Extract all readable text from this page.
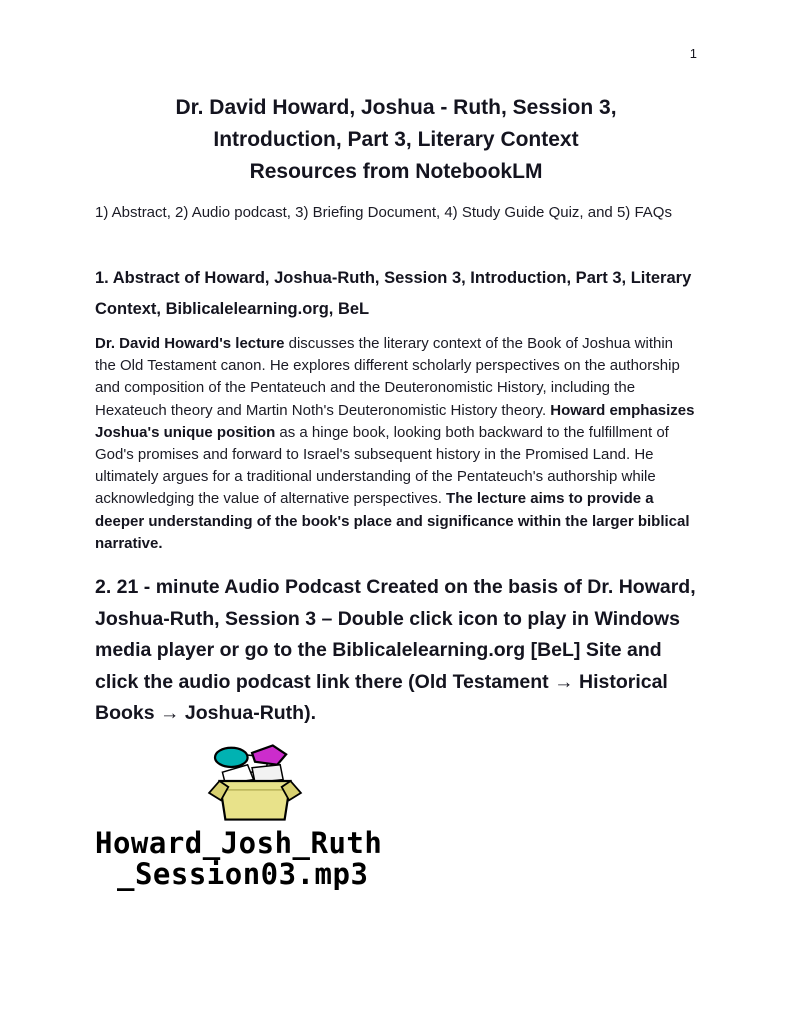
1
Dr. David Howard, Joshua - Ruth, Session 3,
Introduction, Part 3, Literary Context
Resources from NotebookLM

1) Abstract, 2) Audio podcast, 3) Briefing Document, 4) Study Guide Quiz, and 5) FAQs

1. Abstract of Howard, Joshua-Ruth, Session 3, Introduction, Part 3, Literary Context, Biblicalelearning.org, BeL

Dr. David Howard's lecture discusses the literary context of the Book of Joshua within the Old Testament canon. He explores different scholarly perspectives on the authorship and composition of the Pentateuch and the Deuteronomistic History, including the Hexateuch theory and Martin Noth's Deuteronomistic History theory. Howard emphasizes Joshua's unique position as a hinge book, looking both backward to the fulfillment of God's promises and forward to Israel's subsequent history in the Promised Land. He ultimately argues for a traditional understanding of the Pentateuch's authorship while acknowledging the value of alternative perspectives. The lecture aims to provide a deeper understanding of the book's place and significance within the larger biblical narrative.

2. 21 - minute Audio Podcast Created on the basis of Dr. Howard, Joshua-Ruth, Session 3 – Double click icon to play in Windows media player or go to the Biblicalelearning.org [BeL] Site and click the audio podcast link there (Old Testament → Historical Books → Joshua-Ruth).
Howard_Josh_Ruth
_Session03.mp3
